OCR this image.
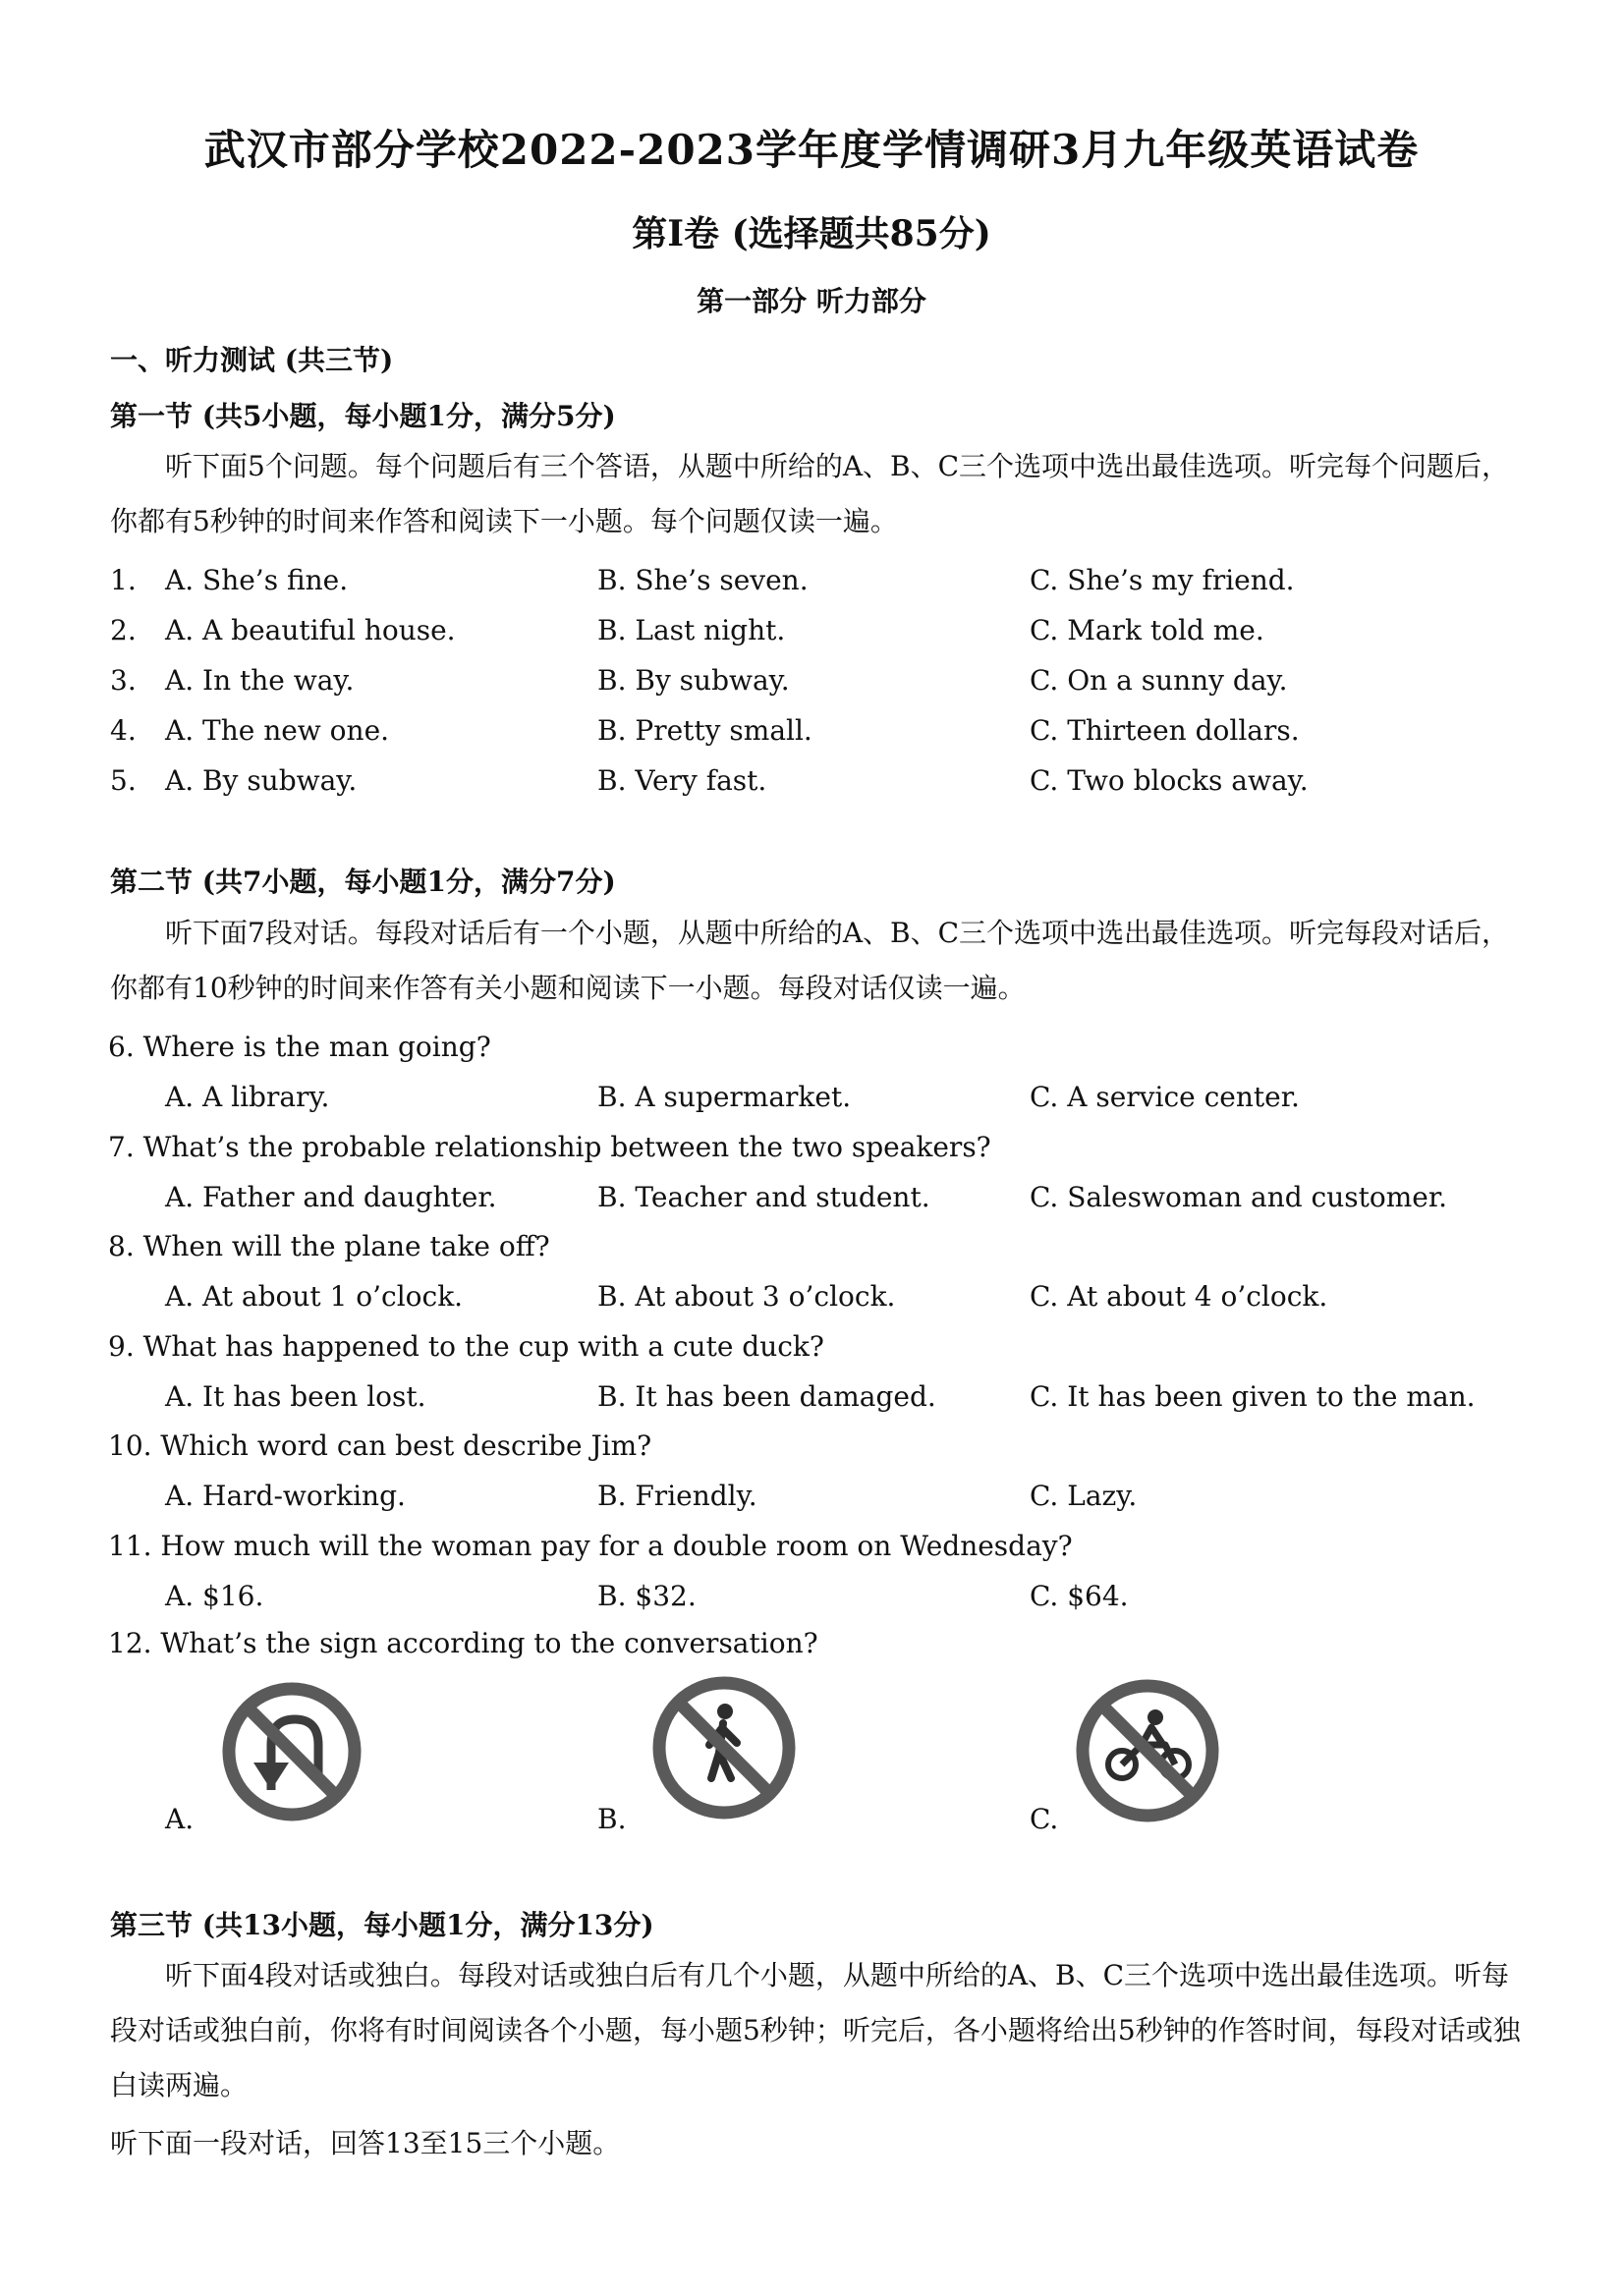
武汉市部分学校2022-2023学年度学情调研3月九年级英语试卷
第I卷 (选择题共85分)
第一部分 听力部分
一、听力测试 (共三节)
第一节 (共5小题，每小题1分，满分5分)
听下面5个问题。每个问题后有三个答语，从题中所给的A、B、C三个选项中选出最佳选项。听完每个问题后，你都有5秒钟的时间来作答和阅读下一小题。每个问题仅读一遍。
1. A. She’s fine.	B. She’s seven.	C. She’s my friend.
2. A. A beautiful house.	B. Last night.	C. Mark told me.
3. A. In the way.	B. By subway.	C. On a sunny day.
4. A. The new one.	B. Pretty small.	C. Thirteen dollars.
5. A. By subway.	B. Very fast.	C. Two blocks away.
第二节 (共7小题，每小题1分，满分7分)
听下面7段对话。每段对话后有一个小题，从题中所给的A、B、C三个选项中选出最佳选项。听完每段对话后，你都有10秒钟的时间来作答有关小题和阅读下一小题。每段对话仅读一遍。
6. Where is the man going?
A. A library.	B. A supermarket.	C. A service center.
7. What’s the probable relationship between the two speakers?
A. Father and daughter.	B. Teacher and student.	C. Saleswoman and customer.
8. When will the plane take off?
A. At about 1 o’clock.	B. At about 3 o’clock.	C. At about 4 o’clock.
9. What has happened to the cup with a cute duck?
A. It has been lost.	B. It has been damaged.	C. It has been given to the man.
10. Which word can best describe Jim?
A. Hard-working.	B. Friendly.	C. Lazy.
11. How much will the woman pay for a double room on Wednesday?
A. $16.	B. $32.	C. $64.
12. What’s the sign according to the conversation?
A.	B.	C.
第三节 (共13小题，每小题1分，满分13分)
听下面4段对话或独白。每段对话或独白后有几个小题，从题中所给的A、B、C三个选项中选出最佳选项。听每段对话或独白前，你将有时间阅读各个小题，每小题5秒钟；听完后，各小题将给出5秒钟的作答时间，每段对话或独白读两遍。
听下面一段对话，回答13至15三个小题。
